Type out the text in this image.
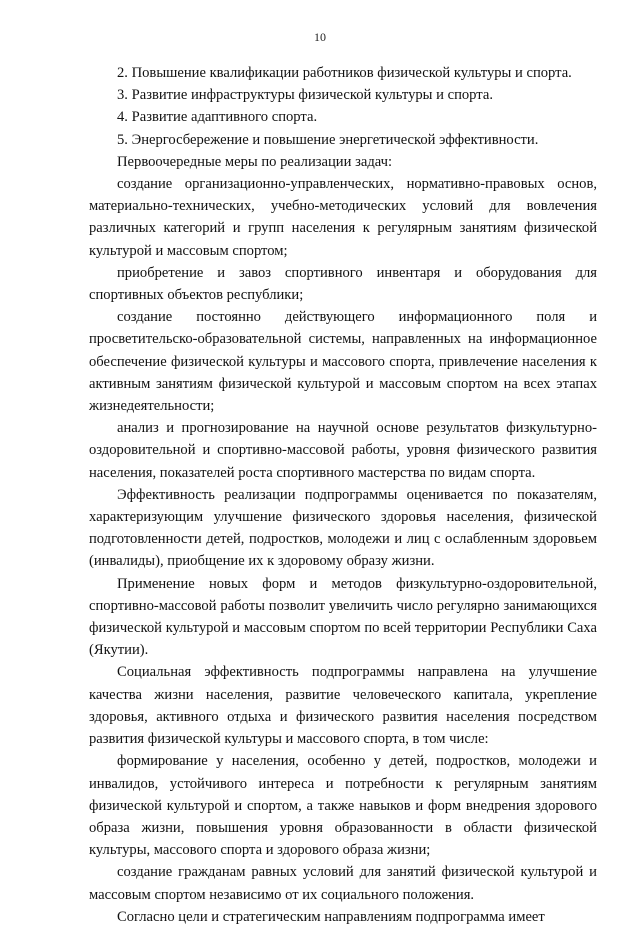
10

2. Повышение квалификации работников физической культуры и спорта.

3. Развитие инфраструктуры физической культуры и спорта.

4. Развитие адаптивного спорта.

5. Энергосбережение и повышение энергетической эффективности.

Первоочередные меры по реализации задач:

создание организационно-управленческих, нормативно-правовых основ, материально-технических, учебно-методических условий для вовлечения различных категорий и групп населения к регулярным занятиям физической культурой и массовым спортом;

приобретение и завоз спортивного инвентаря и оборудования для спортивных объектов республики;

создание постоянно действующего информационного поля и просветительско-образовательной системы, направленных на информационное обеспечение физической культуры и массового спорта, привлечение населения к активным занятиям физической культурой и массовым спортом на всех этапах жизнедеятельности;

анализ и прогнозирование на научной основе результатов физкультурно-оздоровительной и спортивно-массовой работы, уровня физического развития населения, показателей роста спортивного мастерства по видам спорта.

Эффективность реализации подпрограммы оценивается по показателям, характеризующим улучшение физического здоровья населения, физической подготовленности детей, подростков, молодежи и лиц с ослабленным здоровьем (инвалиды), приобщение их к здоровому образу жизни.

Применение новых форм и методов физкультурно-оздоровительной, спортивно-массовой работы позволит увеличить число регулярно занимающихся физической культурой и массовым спортом по всей территории Республики Саха (Якутии).

Социальная эффективность подпрограммы направлена на улучшение качества жизни населения, развитие человеческого капитала, укрепление здоровья, активного отдыха и физического развития населения посредством развития физической культуры и массового спорта, в том числе:

формирование у населения, особенно у детей, подростков, молодежи и инвалидов, устойчивого интереса и потребности к регулярным занятиям физической культурой и спортом, а также навыков и форм внедрения здорового образа жизни, повышения уровня образованности в области физической культуры, массового спорта и здорового образа жизни;

создание гражданам равных условий для занятий физической культурой и массовым спортом независимо от их социального положения.

Согласно цели и стратегическим направлениям подпрограмма имеет
